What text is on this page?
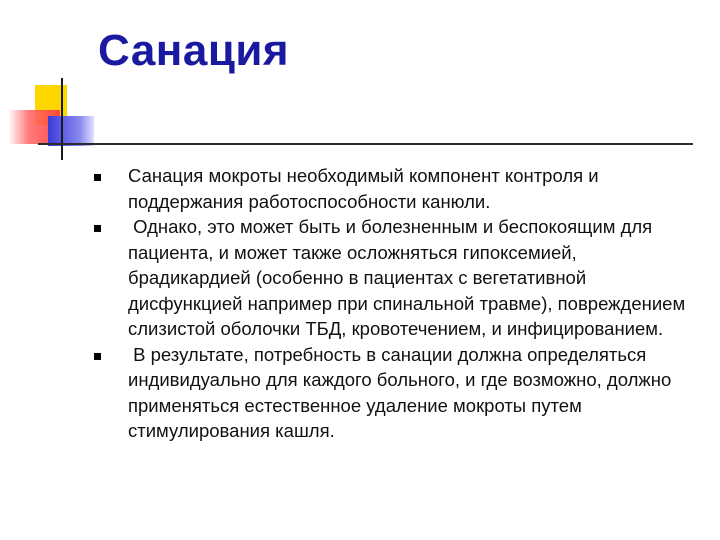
Санация
Санация мокроты необходимый компонент контроля и поддержания работоспособности канюли.
Однако, это может быть и болезненным и беспокоящим для пациента, и может также осложняться гипоксемией, брадикардией (особенно в пациентах с вегетативной дисфункцией например при спинальной травме), повреждением слизистой оболочки ТБД, кровотечением, и инфицированием.
В результате, потребность в санации должна определяться индивидуально для каждого больного, и где возможно, должно применяться естественное удаление мокроты путем стимулирования кашля.
